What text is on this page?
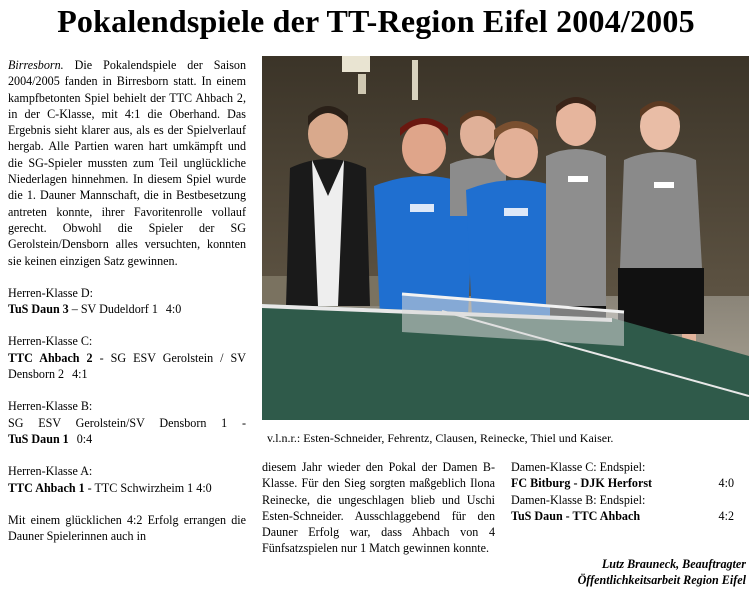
Pokalendspiele der TT-Region Eifel 2004/2005

Birresborn. Die Pokalendspiele der Saison 2004/2005 fanden in Birresborn statt. In einem kampfbetonten Spiel behielt der TTC Ahbach 2, in der C-Klasse, mit 4:1 die Oberhand. Das Ergebnis sieht klarer aus, als es der Spielverlauf hergab. Alle Partien waren hart umkämpft und die SG-Spieler mussten zum Teil unglückliche Niederlagen hinnehmen. In diesem Spiel wurde die 1. Dauner Mannschaft, die in Bestbesetzung antreten konnte, ihrer Favoritenrolle vollauf gerecht. Obwohl die Spieler der SG Gerolstein/Densborn alles versuchten, konnten sie keinen einzigen Satz gewinnen.

Herren-Klasse D:
TuS Daun 3 – SV Dudeldorf 1 4:0
Herren-Klasse C:
TTC Ahbach 2 - SG ESV Gerolstein / SV Densborn 2 4:1
Herren-Klasse B:
SG ESV Gerolstein/SV Densborn 1 -
TuS Daun 1 0:4
Herren-Klasse A:
TTC Ahbach 1 - TTC Schwirzheim 1 4:0

Mit einem glücklichen 4:2 Erfolg errangen die Dauner Spielerinnen auch in

v.l.n.r.: Esten-Schneider, Fehrentz, Clausen, Reinecke, Thiel und Kaiser.

diesem Jahr wieder den Pokal der Damen B-Klasse. Für den Sieg sorgten maßgeblich Ilona Reinecke, die ungeschlagen blieb und Uschi Esten-Schneider. Ausschlaggebend für den Dauner Erfolg war, dass Ahbach von 4 Fünfsatzspielen nur 1 Match gewinnen konnte.

Damen-Klasse C: Endspiel:
FC Bitburg - DJK Herforst	4:0
Damen-Klasse B: Endspiel:
TuS Daun - TTC Ahbach	4:2
Lutz Brauneck, Beauftragter
Öffentlichkeitsarbeit Region Eifel
